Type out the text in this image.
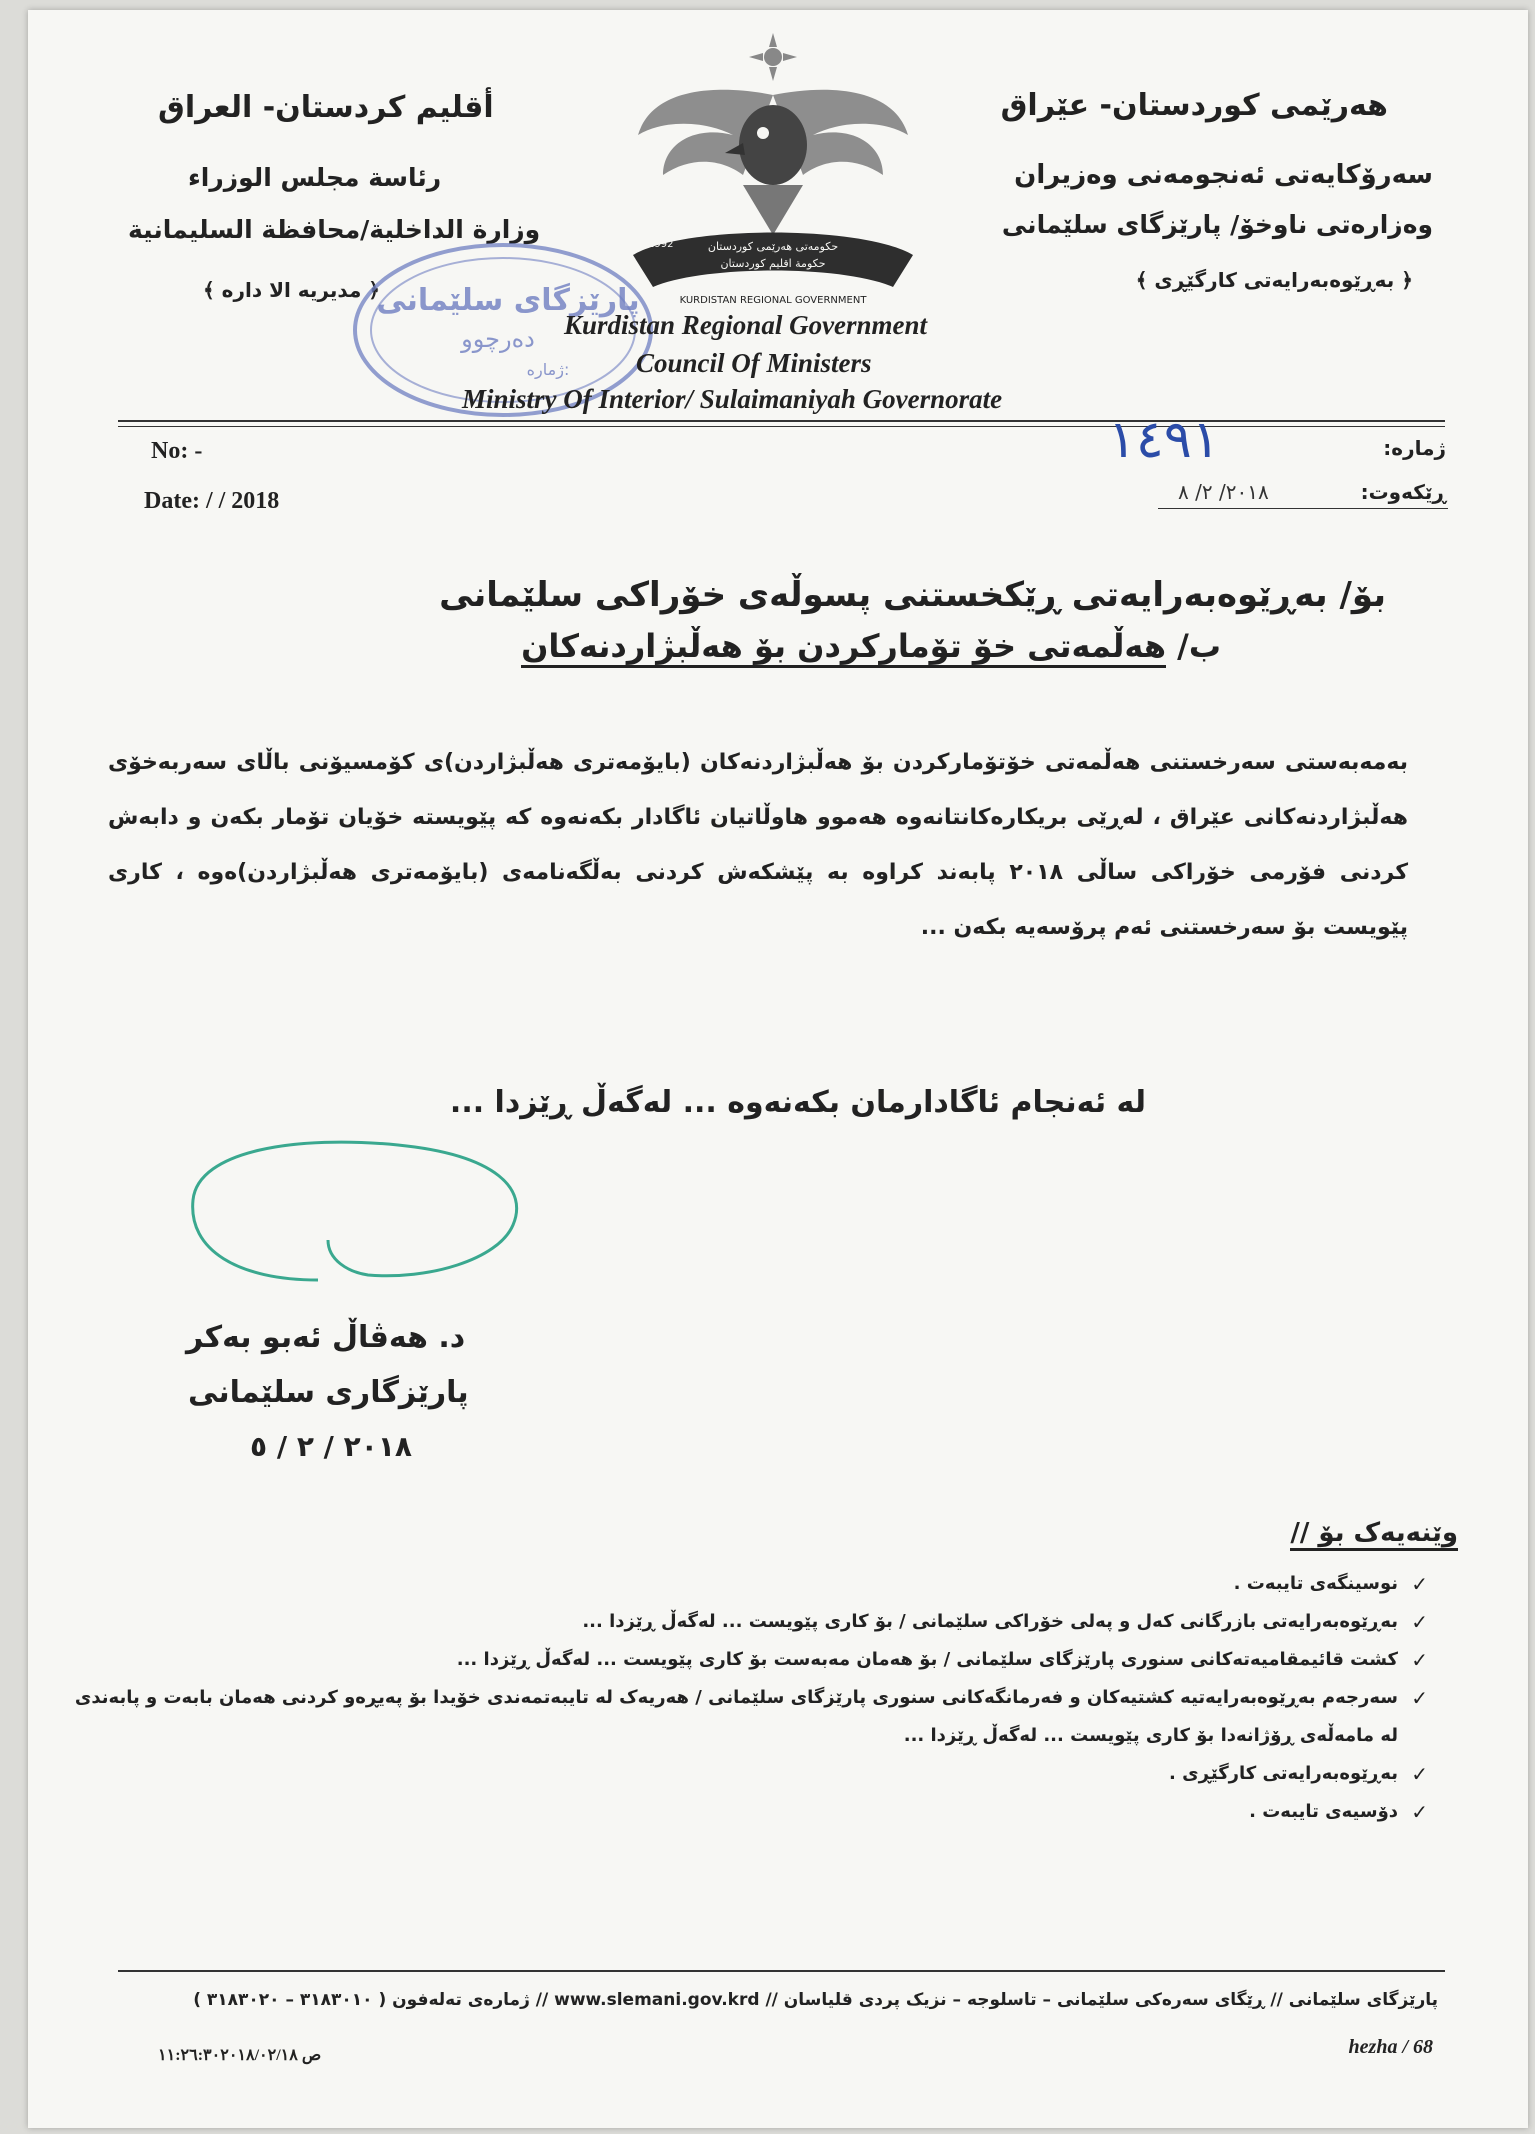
هەرێمی کوردستان- عێراق
سەرۆکایەتی ئەنجومەنی وەزیران
وەزارەتی ناوخۆ/ پارێزگای سلێمانی
﴿ بەڕێوەبەرایەتی کارگێڕی ﴾
أقليم كردستان- العراق
رئاسة مجلس الوزراء
وزارة الداخلية/محافظة السليمانية
﴿ مديريه الا دارە ﴾
حکومەتی هەرێمی کوردستان
حكومة اقليم كوردستان
KURDISTAN REGIONAL GOVERNMENT
1992
پارێزگای سلێمانی
دەرچوو
ژمارە:
Kurdistan Regional Government
Council Of Ministers
Ministry Of Interior/ Sulaimaniyah Governorate
No: -
Date: / / 2018
ژمارە:
ڕێکەوت:
١٤٩١
٢٠١٨/ ٢/ ٨
بۆ/ بەڕێوەبەرایەتی ڕێکخستنی پسوڵەی خۆراکی سلێمانی
ب/ هەڵمەتی خۆ تۆمارکردن بۆ هەڵبژاردنەکان
بەمەبەستی سەرخستنی هەڵمەتی خۆتۆمارکردن بۆ هەڵبژاردنەکان (بایۆمەتری هەڵبژاردن)ی کۆمسیۆنی باڵای سەربەخۆی هەڵبژاردنەکانی عێراق ، لەڕێی بریکارەکانتانەوە هەموو هاوڵاتیان ئاگادار بکەنەوە کە پێویستە خۆیان تۆمار بکەن و دابەش کردنی فۆرمی خۆراکی ساڵی ٢٠١٨ پابەند کراوە بە پێشکەش کردنی بەڵگەنامەی (بایۆمەتری هەڵبژاردن)ەوە ، کاری پێویست بۆ سەرخستنی ئەم پرۆسەیە بکەن ...
لە ئەنجام ئاگادارمان بکەنەوە ... لەگەڵ ڕێزدا ...
د. هەڤاڵ ئەبو بەکر
پارێزگاری سلێمانی
٢٠١٨ / ٢ / ٥
وێنەیەک بۆ //
✓
نوسینگەی تایبەت .
✓
بەڕێوەبەرایەتی بازرگانی کەل و پەلی خۆراکی سلێمانی / بۆ کاری پێویست ... لەگەڵ ڕێزدا ...
✓
کشت قائیمقامیەتەکانی سنوری پارێزگای سلێمانی / بۆ هەمان مەبەست بۆ کاری پێویست ... لەگەڵ ڕێزدا ...
✓
سەرجەم بەڕێوەبەرایەتیە کشتیەکان و فەرمانگەکانی سنوری پارێزگای سلێمانی / هەریەک لە تایبەتمەندی خۆیدا بۆ پەیڕەو کردنی هەمان بابەت و پابەندی لە مامەڵەی ڕۆژانەدا بۆ کاری پێویست ... لەگەڵ ڕێزدا ...
✓
بەڕێوەبەرایەتی کارگێڕی .
✓
دۆسیەی تایبەت .
پارێزگای سلێمانی // ڕێگای سەرەکی سلێمانی – تاسلوجە – نزیک پردی قلیاسان // www.slemani.gov.krd // ژمارەی تەلەفون ( ٣١٨٣٠١٠ – ٣١٨٣٠٢٠ )
ص ١١:٢٦:٣٠٢٠١٨/٠٢/١٨	hezha / 68
